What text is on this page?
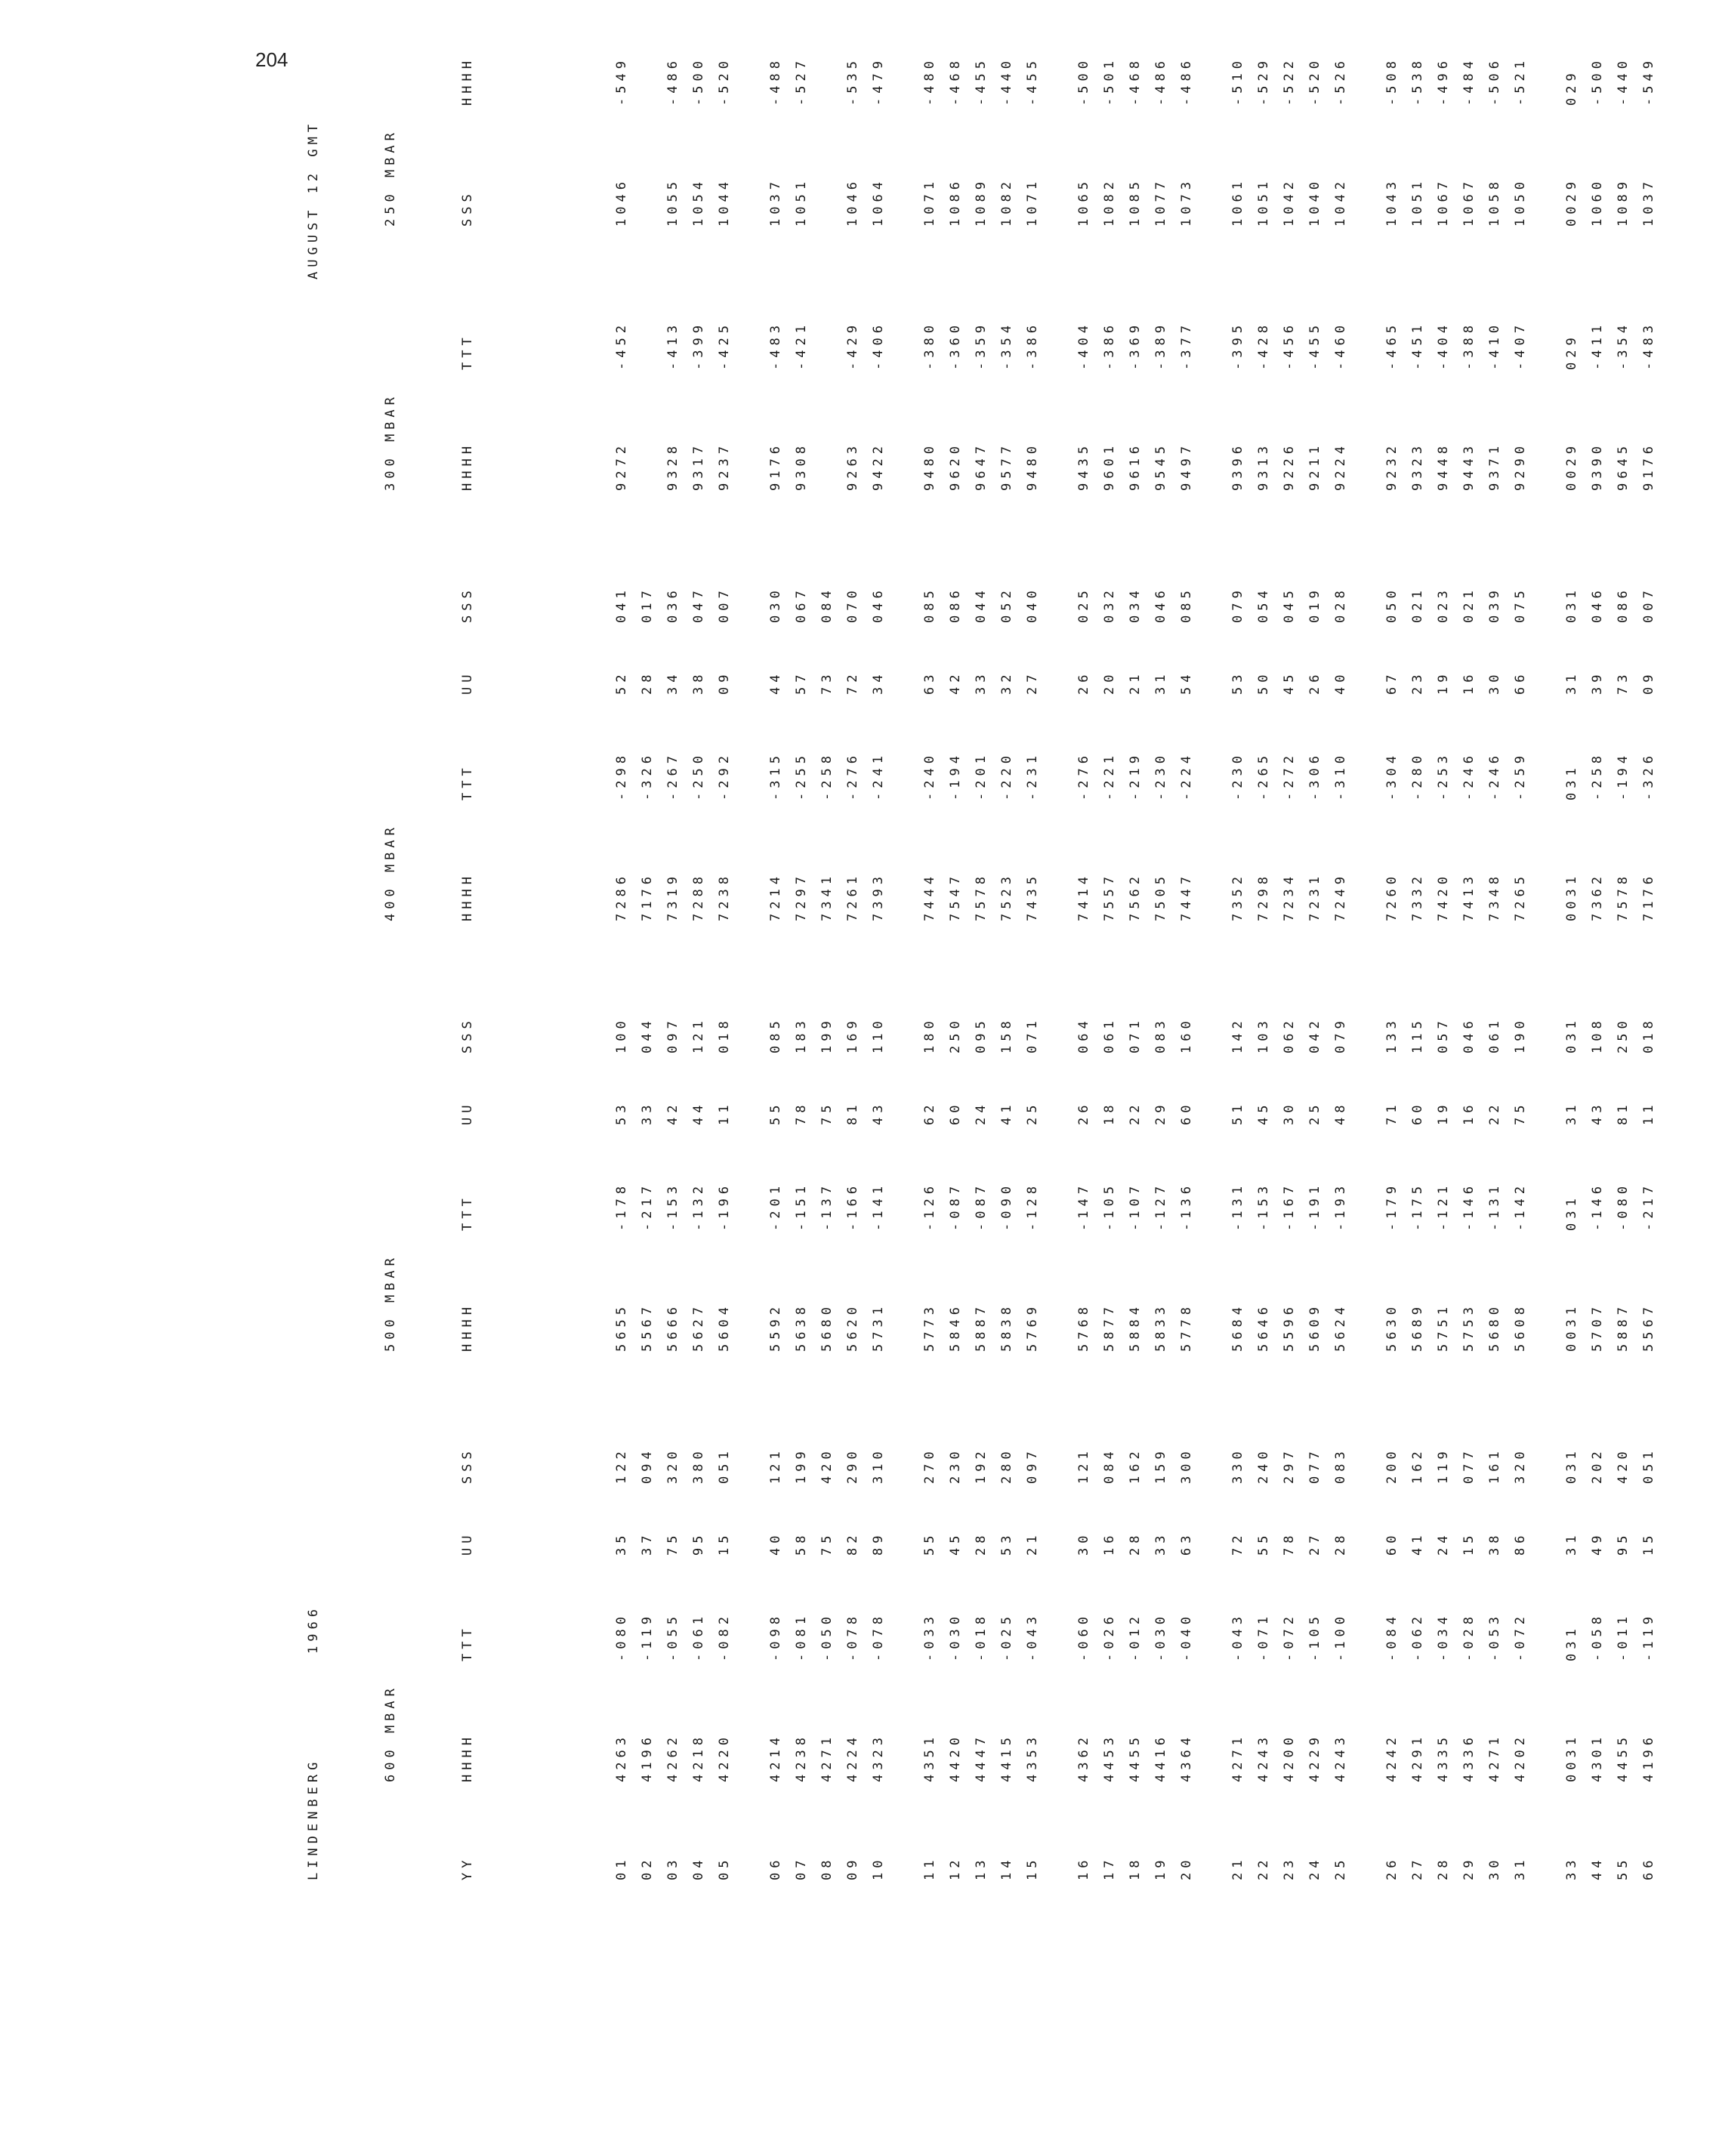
204

LINDENBERG

1966

AUGUST 12 GMT

600 MBAR
500 MBAR
400 MBAR
300 MBAR
250 MBAR

YY
HHHH
TTT
UU
SSS
HHHH
TTT
UU
SSS
HHHH
TTT
UU
SSS
HHHH
TTT
SSS
HHHH

01
4263
-080
35
122
5655
-178
53
100
7286
-298
52
041
9272
-452
1046
-549
02
4196
-119
37
094
5567
-217
33
044
7176
-326
28
017
03
4262
-055
75
320
5666
-153
42
097
7319
-267
34
036
9328
-413
1055
-486
04
4218
-061
95
380
5627
-132
44
121
7288
-250
38
047
9317
-399
1054
-500
05
4220
-082
15
051
5604
-196
11
018
7238
-292
09
007
9237
-425
1044
-520
06
4214
-098
40
121
5592
-201
55
085
7214
-315
44
030
9176
-483
1037
-488
07
4238
-081
58
199
5638
-151
78
183
7297
-255
57
067
9308
-421
1051
-527
08
4271
-050
75
420
5680
-137
75
199
7341
-258
73
084
09
4224
-078
82
290
5620
-166
81
169
7261
-276
72
070
9263
-429
1046
-535
10
4323
-078
89
310
5731
-141
43
110
7393
-241
34
046
9422
-406
1064
-479
11
4351
-033
55
270
5773
-126
62
180
7444
-240
63
085
9480
-380
1071
-480
12
4420
-030
45
230
5846
-087
60
250
7547
-194
42
086
9620
-360
1086
-468
13
4447
-018
28
192
5887
-087
24
095
7578
-201
33
044
9647
-359
1089
-455
14
4415
-025
53
280
5838
-090
41
158
7523
-220
32
052
9577
-354
1082
-440
15
4353
-043
21
097
5769
-128
25
071
7435
-231
27
040
9480
-386
1071
-455
16
4362
-060
30
121
5768
-147
26
064
7414
-276
26
025
9435
-404
1065
-500
17
4453
-026
16
084
5877
-105
18
061
7557
-221
20
032
9601
-386
1082
-501
18
4455
-012
28
162
5884
-107
22
071
7562
-219
21
034
9616
-369
1085
-468
19
4416
-030
33
159
5833
-127
29
083
7505
-230
31
046
9545
-389
1077
-486
20
4364
-040
63
300
5778
-136
60
160
7447
-224
54
085
9497
-377
1073
-486
21
4271
-043
72
330
5684
-131
51
142
7352
-230
53
079
9396
-395
1061
-510
22
4243
-071
55
240
5646
-153
45
103
7298
-265
50
054
9313
-428
1051
-529
23
4200
-072
78
297
5596
-167
30
062
7234
-272
45
045
9226
-456
1042
-522
24
4229
-105
27
077
5609
-191
25
042
7231
-306
26
019
9211
-455
1040
-520
25
4243
-100
28
083
5624
-193
48
079
7249
-310
40
028
9224
-460
1042
-526
26
4242
-084
60
200
5630
-179
71
133
7260
-304
67
050
9232
-465
1043
-508
27
4291
-062
41
162
5689
-175
60
115
7332
-280
23
021
9323
-451
1051
-538
28
4335
-034
24
119
5751
-121
19
057
7420
-253
19
023
9448
-404
1067
-496
29
4336
-028
15
077
5753
-146
16
046
7413
-246
16
021
9443
-388
1067
-484
30
4271
-053
38
161
5680
-131
22
061
7348
-246
30
039
9371
-410
1058
-506
31
4202
-072
86
320
5608
-142
75
190
7265
-259
66
075
9290
-407
1050
-521
33
0031
031
31
031
0031
031
31
031
0031
031
31
031
0029
029
0029
029
44
4301
-058
49
202
5707
-146
43
108
7362
-258
39
046
9390
-411
1060
-500
55
4455
-011
95
420
5887
-080
81
250
7578
-194
73
086
9645
-354
1089
-440
66
4196
-119
15
051
5567
-217
11
018
7176
-326
09
007
9176
-483
1037
-549
